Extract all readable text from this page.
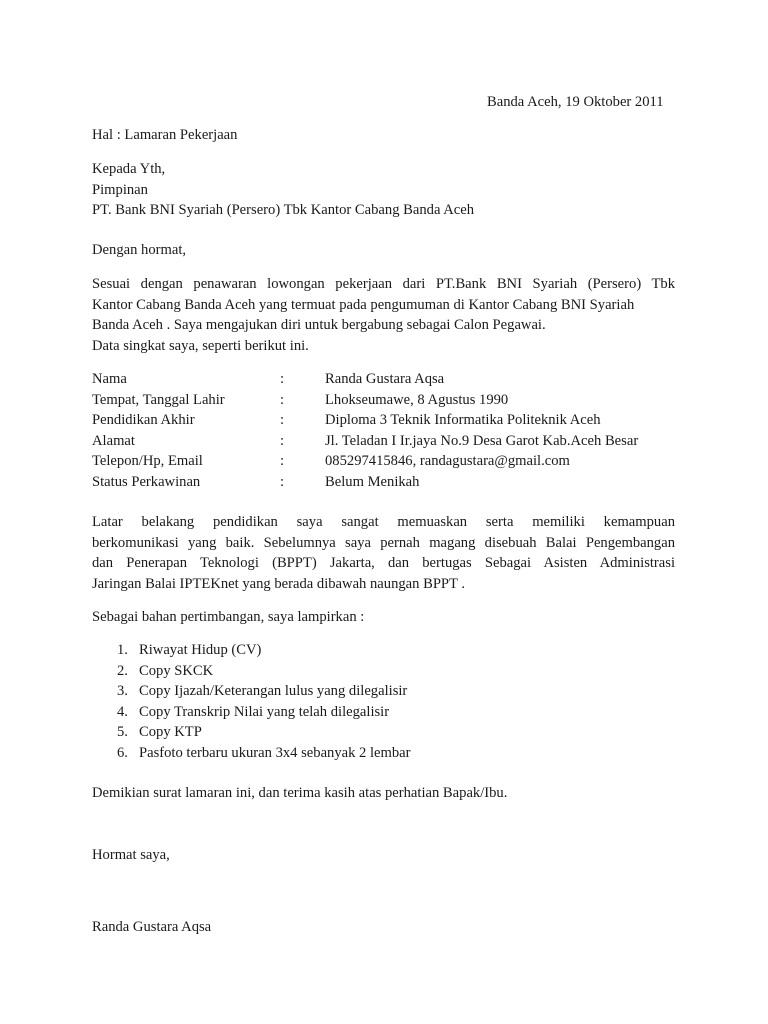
Banda Aceh, 19 Oktober 2011
Hal : Lamaran Pekerjaan
Kepada Yth,
Pimpinan
PT. Bank BNI Syariah (Persero) Tbk Kantor Cabang Banda Aceh
Dengan hormat,
Sesuai dengan penawaran lowongan pekerjaan dari PT.Bank BNI Syariah (Persero) Tbk
Kantor Cabang Banda Aceh yang termuat pada pengumuman di Kantor Cabang BNI Syariah
Banda Aceh . Saya mengajukan diri untuk bergabung sebagai Calon Pegawai.
Data singkat saya, seperti berikut ini.
Nama	:	Randa Gustara Aqsa
Tempat, Tanggal Lahir	:	Lhokseumawe, 8 Agustus 1990
Pendidikan Akhir	:	Diploma 3 Teknik Informatika Politeknik Aceh
Alamat	:	Jl. Teladan I Ir.jaya No.9 Desa Garot Kab.Aceh Besar
Telepon/Hp, Email	:	085297415846, randagustara@gmail.com
Status Perkawinan	:	Belum Menikah
Latar belakang pendidikan saya sangat memuaskan serta memiliki kemampuan
berkomunikasi yang baik. Sebelumnya saya pernah magang disebuah Balai Pengembangan
dan Penerapan Teknologi (BPPT) Jakarta, dan bertugas Sebagai Asisten Administrasi
Jaringan Balai IPTEKnet yang berada dibawah naungan BPPT .
Sebagai bahan pertimbangan, saya lampirkan :
1. Riwayat Hidup (CV)
2. Copy SKCK
3. Copy Ijazah/Keterangan lulus yang dilegalisir
4. Copy Transkrip Nilai yang telah dilegalisir
5. Copy KTP
6. Pasfoto terbaru ukuran 3x4 sebanyak 2 lembar
Demikian surat lamaran ini, dan terima kasih atas perhatian Bapak/Ibu.
Hormat saya,
Randa Gustara Aqsa
